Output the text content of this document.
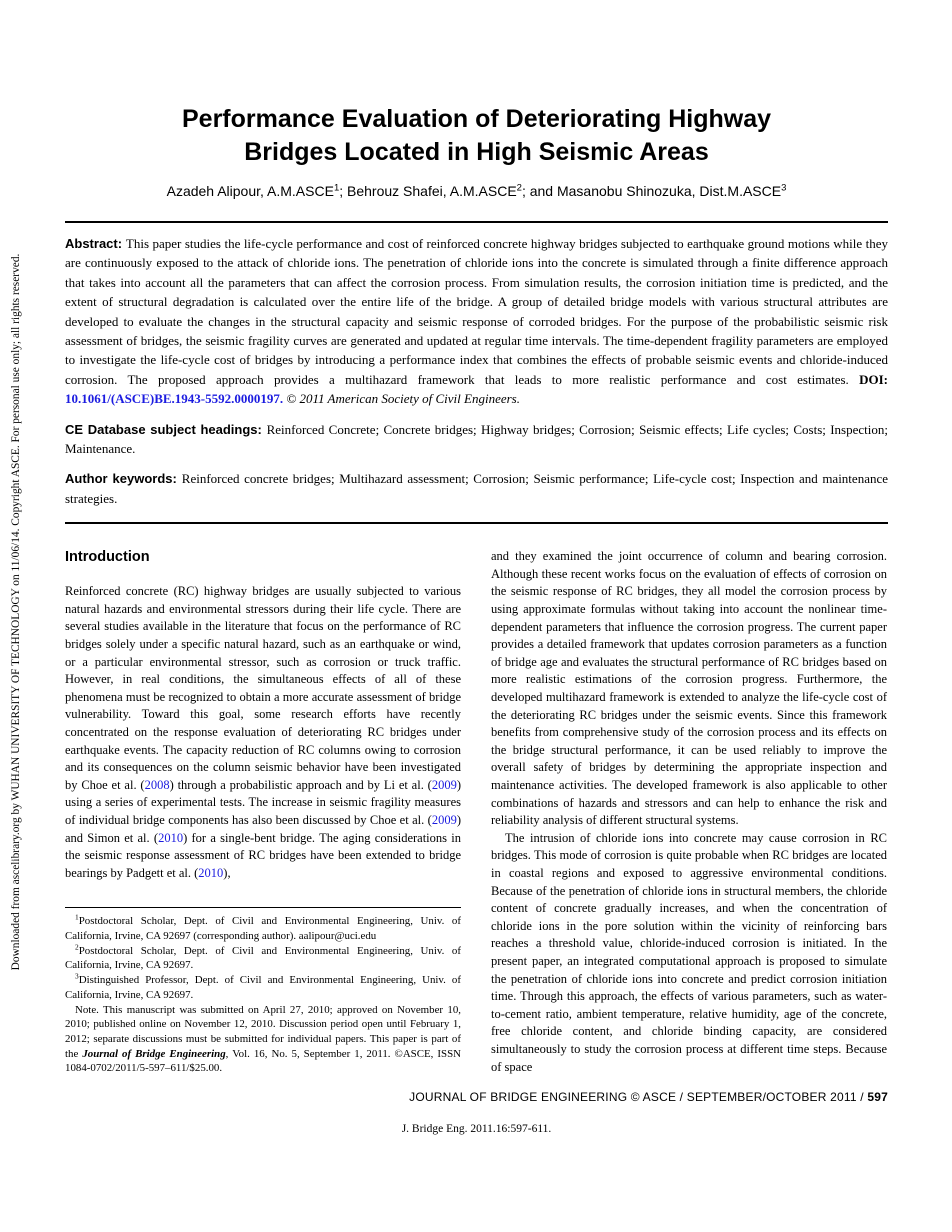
Downloaded from ascelibrary.org by WUHAN UNIVERSITY OF TECHNOLOGY on 11/06/14. Copyright ASCE. For personal use only; all rights reserved.
Performance Evaluation of Deteriorating Highway
Bridges Located in High Seismic Areas
Azadeh Alipour, A.M.ASCE$^1$; Behrouz Shafei, A.M.ASCE$^2$; and Masanobu Shinozuka, Dist.M.ASCE$^3$

Abstract: This paper studies the life-cycle performance and cost of reinforced concrete highway bridges subjected to earthquake ground motions while they are continuously exposed to the attack of chloride ions. The penetration of chloride ions into the concrete is simulated through a finite difference approach that takes into account all the parameters that can affect the corrosion process. From simulation results, the corrosion initiation time is predicted, and the extent of structural degradation is calculated over the entire life of the bridge. A group of detailed bridge models with various structural attributes are developed to evaluate the changes in the structural capacity and seismic response of corroded bridges. For the purpose of the probabilistic seismic risk assessment of bridges, the seismic fragility curves are generated and updated at regular time intervals. The time-dependent fragility parameters are employed to investigate the life-cycle cost of bridges by introducing a performance index that combines the effects of probable seismic events and chloride-induced corrosion. The proposed approach provides a multihazard framework that leads to more realistic performance and cost estimates. DOI: 10.1061/(ASCE)BE.1943-5592.0000197. © 2011 American Society of Civil Engineers.

CE Database subject headings: Reinforced Concrete; Concrete bridges; Highway bridges; Corrosion; Seismic effects; Life cycles; Costs; Inspection; Maintenance.

Author keywords: Reinforced concrete bridges; Multihazard assessment; Corrosion; Seismic performance; Life-cycle cost; Inspection and maintenance strategies.

Introduction

Reinforced concrete (RC) highway bridges are usually subjected to various natural hazards and environmental stressors during their life cycle. There are several studies available in the literature that focus on the performance of RC bridges solely under a specific natural hazard, such as an earthquake or wind, or a particular environmental stressor, such as corrosion or truck traffic. However, in real conditions, the simultaneous effects of all of these phenomena must be recognized to obtain a more accurate assessment of bridge vulnerability. Toward this goal, some research efforts have recently concentrated on the response evaluation of deteriorating RC bridges under earthquake events. The capacity reduction of RC columns owing to corrosion and its consequences on the column seismic behavior have been investigated by Choe et al. (2008) through a probabilistic approach and by Li et al. (2009) using a series of experimental tests. The increase in seismic fragility measures of individual bridge components has also been discussed by Choe et al. (2009) and Simon et al. (2010) for a single-bent bridge. The aging considerations in the seismic response assessment of RC bridges have been extended to bridge bearings by Padgett et al. (2010),

$^1$Postdoctoral Scholar, Dept. of Civil and Environmental Engineering, Univ. of California, Irvine, CA 92697 (corresponding author). aalipour@uci.edu

$^2$Postdoctoral Scholar, Dept. of Civil and Environmental Engineering, Univ. of California, Irvine, CA 92697.

$^3$Distinguished Professor, Dept. of Civil and Environmental Engineering, Univ. of California, Irvine, CA 92697.

Note. This manuscript was submitted on April 27, 2010; approved on November 10, 2010; published online on November 12, 2010. Discussion period open until February 1, 2012; separate discussions must be submitted for individual papers. This paper is part of the Journal of Bridge Engineering, Vol. 16, No. 5, September 1, 2011. ©ASCE, ISSN 1084-0702/2011/5-597–611/$25.00.

and they examined the joint occurrence of column and bearing corrosion. Although these recent works focus on the evaluation of effects of corrosion on the seismic response of RC bridges, they all model the corrosion process by using approximate formulas without taking into account the nonlinear time-dependent parameters that influence the corrosion progress. The current paper provides a detailed framework that updates corrosion parameters as a function of bridge age and evaluates the structural performance of RC bridges based on more realistic estimations of the corrosion progress. Furthermore, the developed multihazard framework is extended to analyze the life-cycle cost of the deteriorating RC bridges under the seismic events. Since this framework benefits from comprehensive study of the corrosion process and its effects on the bridge structural performance, it can be used reliably to improve the overall safety of bridges by determining the appropriate inspection and maintenance activities. The developed framework is also applicable to other combinations of hazards and stressors and can help to enhance the risk and reliability analysis of different structural systems.

The intrusion of chloride ions into concrete may cause corrosion in RC bridges. This mode of corrosion is quite probable when RC bridges are located in coastal regions and exposed to aggressive environmental conditions. Because of the penetration of chloride ions in structural members, the chloride content of concrete gradually increases, and when the concentration of chloride ions in the pore solution within the vicinity of reinforcing bars reaches a threshold value, chloride-induced corrosion is initiated. In the present paper, an integrated computational approach is proposed to simulate the penetration of chloride ions into concrete and predict corrosion initiation time. Through this approach, the effects of various parameters, such as water-to-cement ratio, ambient temperature, relative humidity, age of the concrete, free chloride content, and chloride binding capacity, are considered simultaneously to study the corrosion process at different time steps. Because of space

JOURNAL OF BRIDGE ENGINEERING © ASCE / SEPTEMBER/OCTOBER 2011 / 597
J. Bridge Eng. 2011.16:597-611.
